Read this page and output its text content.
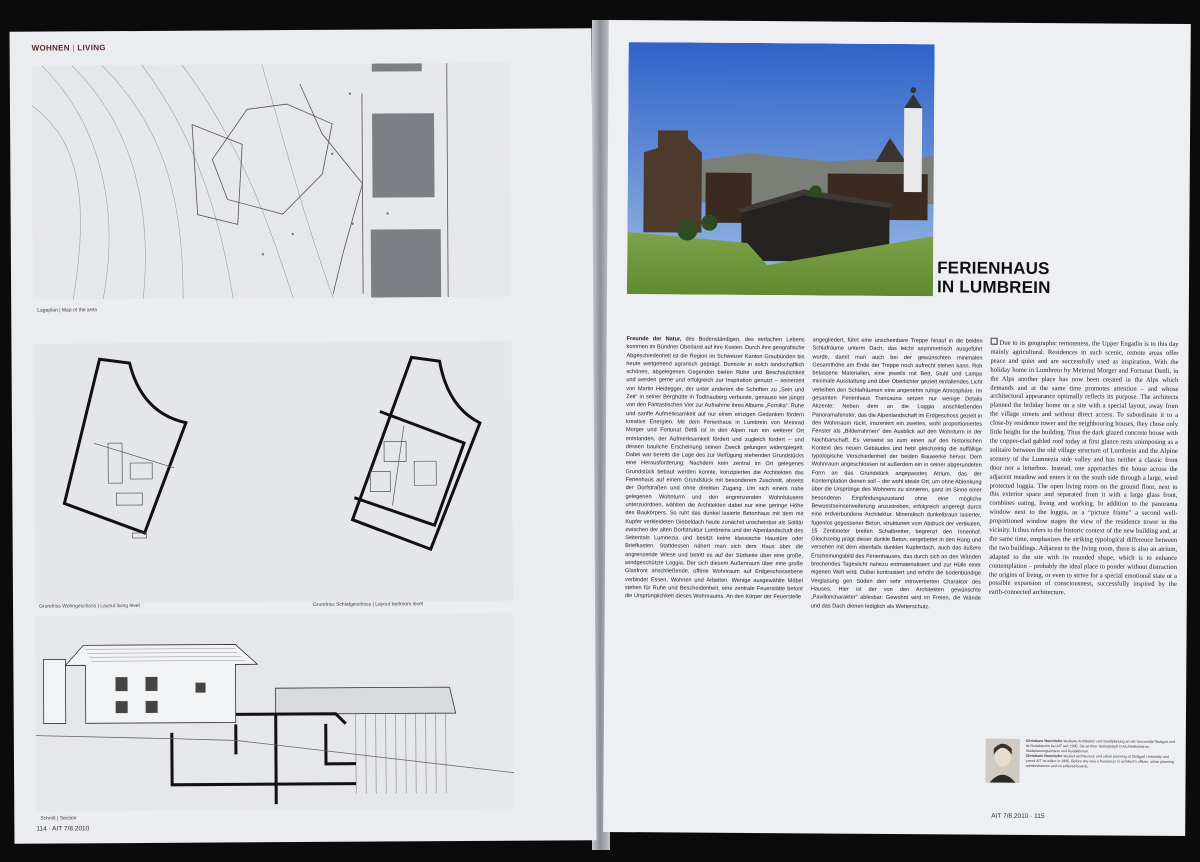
WOHNEN | LIVING
Lageplan | Map of the area
Grundriss Wohngeschoss | Layout living level	Grundriss Schlafgeschoss | Layout bedroom level
Schnitt | Section
114 · AIT 7/8.2010
FERIENHAUS
IN LUMBREIN

Freunde der Natur, des Bodenständigen, des einfachen Lebens kommen im Bündner Oberland auf ihre Kosten. Durch ihre geografische Abgeschiedenheit ist die Region im Schweizer Kanton Graubünden bis heute weitgehend agrarisch geprägt. Domizile in solch landschaftlich schönen, abgelegenen Gegenden bieten Ruhe und Beschaulichkeit und werden gerne und erfolgreich zur Inspiration genutzt – seinerzeit von Martin Heidegger, der unter anderem die Schriften zu „Sein und Zeit“ in seiner Berghütte in Todtnauberg verfasste, genauso wie jüngst von den Fantastischen Vier zur Aufnahme ihres Albums „Fornika“. Ruhe und sanfte Aufmerksamkeit auf nur einen einzigen Gedanken fördern kreative Energien. Mit dem Ferienhaus in Lumbrein von Meinrad Morger und Fortunat Dettli ist in den Alpen nun ein weiterer Ort entstanden, der Aufmerksamkeit fördert und zugleich fordert – und dessen bauliche Erscheinung seinen Zweck gelungen widerspiegelt. Dabei war bereits die Lage des zur Verfügung stehenden Grundstücks eine Herausforderung: Nachdem kein zentral im Ort gelegenes Grundstück bebaut werden konnte, konzipierten die Architekten das Ferienhaus auf einem Grundstück mit besonderem Zuschnitt, abseits der Dorfstraßen und ohne direkten Zugang. Um sich einem nahe gelegenen Wohnturm und den angrenzenden Wohnhäusern unterzuordnen, wählten die Architekten dabei nur eine geringe Höhe des Baukörpers. So ruht das dunkel lasierte Betonhaus mit dem mit Kupfer verkleideten Giebeldach heute zunächst unscheinbar als Solitär zwischen der alten Dorfstruktur Lumbreins und der Alpenlandschaft des Seitentals Lumnezia und besitzt keine klassische Haustüre oder Briefkasten. Stattdessen nähert man sich dem Haus über die angrenzende Wiese und betritt es auf der Südseite über eine große, windgeschützte Loggia. Der sich diesem Außenraum über eine große Glasfront anschließende, offene Wohnraum auf Erdgeschossebene verbindet Essen, Wohnen und Arbeiten. Wenige ausgewählte Möbel stehen für Ruhe und Bescheidenheit, eine zentrale Feuerstätte betont die Ursprünglichkeit dieses Wohnraums. An den Körper der Feuerstelle

angegliedert, führt eine unscheinbare Treppe hinauf in die beiden Schlafräume unterm Dach, das leicht asymmetrisch ausgeführt wurde, damit man auch bei der gewünschten minimalen Gesamthöhe am Ende der Treppe noch aufrecht stehen kann. Roh belassene Materialien, eine jeweils mit Bett, Stuhl und Lampe minimale Ausstattung und über Oberlichter gezielt einfallendes Licht verleihen den Schlafräumen eine angenehm ruhige Atmosphäre. Im gesamten Ferienhaus Trancauna setzen nur wenige Details Akzente: Neben dem an die Loggia anschließenden Panoramafenster, das die Alpenlandschaft im Erdgeschoss gezielt in den Wohnraum rückt, inszeniert ein zweites, wohl proportioniertes Fenster als „Bilderrahmen“ den Ausblick auf den Wohnturm in der Nachbarschaft. Es verweist so zum einen auf den historischen Kontext des neuen Gebäudes und hebt gleichzeitig die auffällige typologische Verschiedenheit der beiden Bauwerke hervor. Dem Wohnraum angeschlossen ist außerdem ein in seiner abgerundeten Form an das Grundstück angepasstes Atrium, das der Kontemplation dienen soll – der wohl ideale Ort, um ohne Ablenkung über die Ursprünge des Wohnens zu sinnieren, ganz im Sinne einer besonderen Empfindungszustand ohne eine mögliche Bewusstseinserweiterung anzustreben, erfolgreich angeregt durch eine erdverbundene Architektur. Mineralisch dunkelbraun lasierter, fugenlos gegossener Beton, strukturiert vom Abdruck der vertikalen, 15 Zentimeter breiten Schalbretter, begrenzt den Innenhof. Gleichzeitig prägt dieser dunkle Beton, eingebettet in den Hang und versehen mit dem ebenfalls dunklen Kupferdach, auch das äußere Erscheinungsbild des Ferienhauses, das durch sich an den Wänden brechendes Tageslicht nahezu entmaterialisiert und zur Hülle einer eigenen Welt wird. Dabei kontrastiert und erhöht die bodenbündige Verglasung gen Süden den sehr introvertierten Charakter des Hauses. Hier ist der von den Architekten gewünschte „Pavilloncharakter“ ablesbar: Gewohnt wird im Freien, die Wände und das Dach dienen lediglich als Wetterschutz.

Due to its geographic remoteness, the Upper Engadin is to this day mainly agricultural. Residences in such scenic, remote areas offer peace and quiet and are successfully used as inspiration. With the holiday home in Lumbrein by Meinrad Morger and Fortunat Dettli, in the Alps another place has now been created in the Alps which demands and at the same time promotes attention – and whose architectural appearance optimally reflects its purpose. The architects planned the holiday home on a site with a special layout, away from the village streets and without direct access. To subordinate it to a close-by residence tower and the neighbouring houses, they chose only little height for the building. Thus the dark glazed concrete house with the copper-clad gabled roof today at first glance rests unimposing as a solitaire between the old village structure of Lumbrein and the Alpine scenery of the Lumnezia side valley and has neither a classic front door nor a letterbox. Instead, one approaches the house across the adjacent meadow and enters it on the south side through a large, wind protected loggia. The open living room on the ground floor, next to this exterior space and separated from it with a large glass front, combines eating, living and working. In addition to the panorama window next to the loggia, as a “picture frame” a second well-proportioned window stages the view of the residence tower in the vicinity. It thus refers to the historic context of the new building and, at the same time, emphasizes the striking typological difference between the two buildings. Adjacent to the living room, there is also an atrium, adapted to the site with its rounded shape, which is to enhance contemplation – probably the ideal place to ponder without distraction the origins of living, or even to strive for a special emotional state or a possible expansion of consciousness, successfully inspired by the earth-connected architecture.

Christiane Nunnhofer studierte Architektur und Stadtplanung an der Universität Stuttgart und ist Redakteurin bei AIT seit 1995. Sie ist Ihrer Heimatstadt in Architekturbüros, Stadtplanungsämtern und Redaktionen.
Christiane Nunnhofer studied architecture and urban planning at Stuttgart University and joined AIT as editor in 1995. Before she was a freelancer in architect's offices, urban planning administrations and on editorial boards.
AIT 7/8.2010 · 115
